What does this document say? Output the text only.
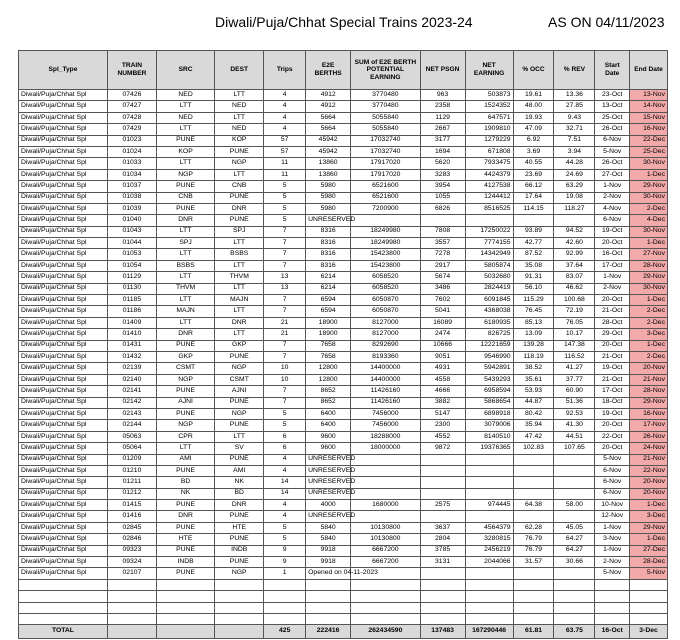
Diwali/Puja/Chhat Special Trains 2023-24	AS ON 04/11/2023
Spl_Type	TRAIN NUMBER	SRC	DEST	Trips	E2E BERTHS	SUM of E2E BERTH POTENTIAL EARNING	NET PSGN	NET EARNING	% OCC	% REV	Start Date	End Date
Diwali/Puja/Chhat Spl	07426	NED	LTT	4	4912	3770480	963	503873	19.61	13.36	23-Oct	13-Nov
Diwali/Puja/Chhat Spl	07427	LTT	NED	4	4912	3770480	2358	1524352	48.00	27.85	13-Oct	14-Nov
Diwali/Puja/Chhat Spl	07428	NED	LTT	4	5664	5055840	1129	647571	19.93	9.43	25-Oct	15-Nov
Diwali/Puja/Chhat Spl	07429	LTT	NED	4	5664	5055840	2667	1909810	47.09	32.71	26-Oct	16-Nov
Diwali/Puja/Chhat Spl	01023	PUNE	KOP	57	45942	17032740	3177	1279229	6.92	7.51	6-Nov	22-Dec
Diwali/Puja/Chhat Spl	01024	KOP	PUNE	57	45942	17032740	1694	671808	3.69	3.94	5-Nov	25-Dec
Diwali/Puja/Chhat Spl	01033	LTT	NGP	11	13860	17917020	5620	7933475	40.55	44.28	26-Oct	30-Nov
Diwali/Puja/Chhat Spl	01034	NGP	LTT	11	13860	17917020	3283	4424379	23.69	24.69	27-Oct	1-Dec
Diwali/Puja/Chhat Spl	01037	PUNE	CNB	5	5980	6521600	3954	4127538	66.12	63.29	1-Nov	29-Nov
Diwali/Puja/Chhat Spl	01038	CNB	PUNE	5	5980	6521600	1055	1244412	17.64	19.08	2-Nov	30-Nov
Diwali/Puja/Chhat Spl	01039	PUNE	DNR	5	5980	7200900	6826	8516525	114.15	118.27	4-Nov	2-Dec
Diwali/Puja/Chhat Spl	01040	DNR	PUNE	5	UNRESERVED						6-Nov	4-Dec
Diwali/Puja/Chhat Spl	01043	LTT	SPJ	7	8316	18249980	7808	17250022	93.89	94.52	19-Oct	30-Nov
Diwali/Puja/Chhat Spl	01044	SPJ	LTT	7	8316	18249980	3557	7774155	42.77	42.60	20-Oct	1-Dec
Diwali/Puja/Chhat Spl	01053	LTT	BSBS	7	8316	15423800	7278	14342949	87.52	92.99	16-Oct	27-Nov
Diwali/Puja/Chhat Spl	01054	BSBS	LTT	7	8316	15423800	2917	5805874	35.08	37.64	17-Oct	28-Nov
Diwali/Puja/Chhat Spl	01129	LTT	THVM	13	6214	6058520	5674	5032680	91.31	83.07	1-Nov	29-Nov
Diwali/Puja/Chhat Spl	01130	THVM	LTT	13	6214	6058520	3486	2824419	56.10	46.62	2-Nov	30-Nov
Diwali/Puja/Chhat Spl	01185	LTT	MAJN	7	6594	6050870	7602	6091845	115.29	100.68	20-Oct	1-Dec
Diwali/Puja/Chhat Spl	01186	MAJN	LTT	7	6594	6050870	5041	4368038	76.45	72.19	21-Oct	2-Dec
Diwali/Puja/Chhat Spl	01409	LTT	DNR	21	18900	8127000	16089	6180935	85.13	76.05	28-Oct	2-Dec
Diwali/Puja/Chhat Spl	01410	DNR	LTT	21	18900	8127000	2474	826725	13.09	10.17	29-Oct	3-Dec
Diwali/Puja/Chhat Spl	01431	PUNE	GKP	7	7658	8292690	10666	12221659	139.28	147.38	20-Oct	1-Dec
Diwali/Puja/Chhat Spl	01432	GKP	PUNE	7	7658	8193360	9051	9546990	118.19	116.52	21-Oct	2-Dec
Diwali/Puja/Chhat Spl	02139	CSMT	NGP	10	12800	14400000	4931	5942891	38.52	41.27	19-Oct	20-Nov
Diwali/Puja/Chhat Spl	02140	NGP	CSMT	10	12800	14400000	4558	5439293	35.61	37.77	21-Oct	21-Nov
Diwali/Puja/Chhat Spl	02141	PUNE	AJNI	7	8652	11426160	4666	6958594	53.93	60.90	17-Oct	28-Nov
Diwali/Puja/Chhat Spl	02142	AJNI	PUNE	7	8652	11426160	3882	5868654	44.87	51.36	18-Oct	29-Nov
Diwali/Puja/Chhat Spl	02143	PUNE	NGP	5	6400	7456000	5147	6898918	80.42	92.53	19-Oct	16-Nov
Diwali/Puja/Chhat Spl	02144	NGP	PUNE	5	6400	7456000	2300	3079006	35.94	41.30	20-Oct	17-Nov
Diwali/Puja/Chhat Spl	05063	CPR	LTT	6	9600	18288000	4552	8140510	47.42	44.51	22-Oct	26-Nov
Diwali/Puja/Chhat Spl	05064	LTT	SV	6	9600	18000000	9872	19376365	102.83	107.65	20-Oct	24-Nov
Diwali/Puja/Chhat Spl	01209	AMI	PUNE	4	UNRESERVED						5-Nov	21-Nov
Diwali/Puja/Chhat Spl	01210	PUNE	AMI	4	UNRESERVED						6-Nov	22-Nov
Diwali/Puja/Chhat Spl	01211	BD	NK	14	UNRESERVED						6-Nov	20-Nov
Diwali/Puja/Chhat Spl	01212	NK	BD	14	UNRESERVED						6-Nov	20-Nov
Diwali/Puja/Chhat Spl	01415	PUNE	DNR	4	4000	1680000	2575	974445	64.38	58.00	10-Nov	1-Dec
Diwali/Puja/Chhat Spl	01416	DNR	PUNE	4	UNRESERVED						12-Nov	3-Dec
Diwali/Puja/Chhat Spl	02845	PUNE	HTE	5	5840	10130800	3637	4564379	62.28	45.05	1-Nov	29-Nov
Diwali/Puja/Chhat Spl	02846	HTE	PUNE	5	5840	10130800	2804	3280815	76.79	64.27	3-Nov	1-Dec
Diwali/Puja/Chhat Spl	09323	PUNE	INDB	9	9918	6667200	3785	2456219	76.79	64.27	1-Nov	27-Dec
Diwali/Puja/Chhat Spl	09324	INDB	PUNE	9	9918	6667200	3131	2044066	31.57	30.66	2-Nov	28-Dec
Diwali/Puja/Chhat Spl	02107	PUNE	NGP	1	Opened on 04-11-2023						5-Nov	5-Nov

TOTAL				425	222416	262434590	137483	167290446	61.81	63.75	16-Oct	3-Dec
